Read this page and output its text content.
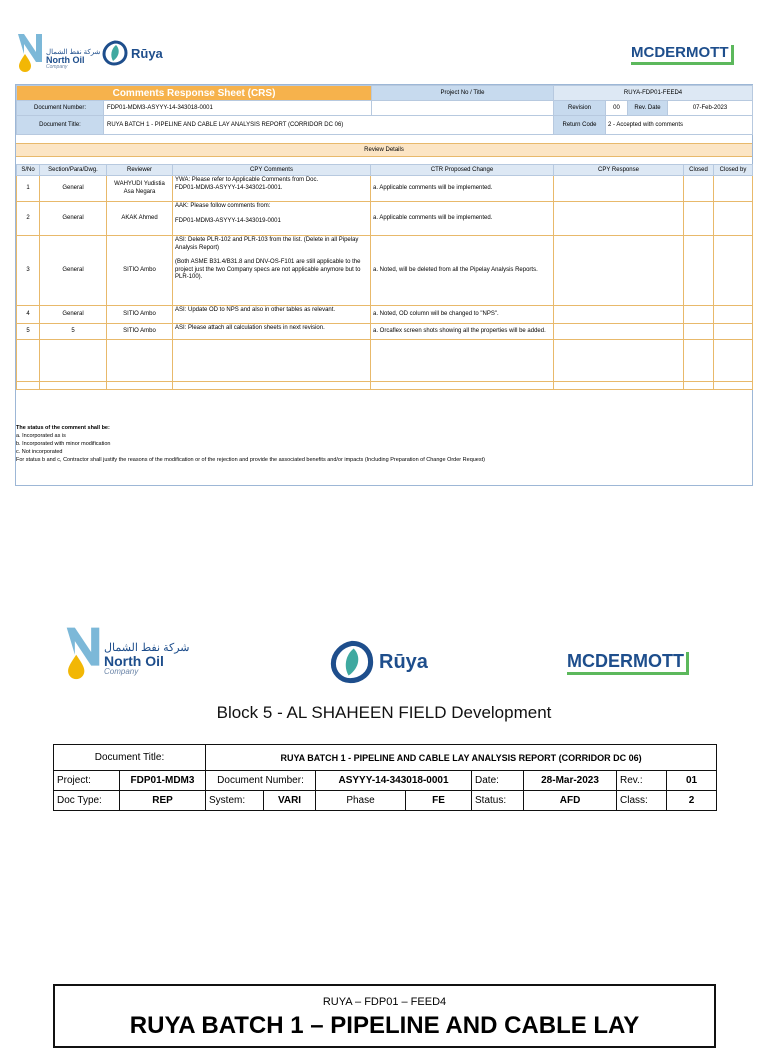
شركة نفط الشمال
North Oil
Company
Rūya	MCDERMOTT
Comments Response Sheet (CRS)	Project No / Title	RUYA-FDP01-FEED4			

Document Number: FDP01-MDM3-ASYYY-14-343018-0001		Revision	00	Rev. Date	07-Feb-2023

Document Title: RUYA BATCH 1 - PIPELINE AND CABLE LAY ANALYSIS REPORT (CORRIDOR DC 06)		Return Code	2 - Accepted with comments		
Review Details
S/No	Section/Para/Dwg.	Reviewer	CPY Comments	CTR Proposed Change	CPY Response	Closed	Closed by
1	General	WAHYUDI Yudistia Asa Negara	YWA: Please refer to Applicable Comments from Doc.
FDP01-MDM3-ASYYY-14-343021-0001.	a. Applicable comments will be implemented.			
2	General	AKAK Ahmed	AAK: Please follow comments from:
FDP01-MDM3-ASYYY-14-343019-0001	a. Applicable comments will be implemented.			
3	General	SITIO Ambo	ASI: Delete PLR-102 and PLR-103 from the list. (Delete in all Pipelay Analysis Report)
(Both ASME B31.4/B31.8 and DNV-OS-F101 are still applicable to the project just the two Company specs are not applicable anymore but to PLR-100).	a. Noted, will be deleted from all the Pipelay Analysis Reports.			
4	General	SITIO Ambo	ASI: Update OD to NPS and also in other tables as relevant.	a. Noted, OD column will be changed to "NPS".			
5	5	SITIO Ambo	ASI: Please attach all calculation sheets in next revision.	a. Orcaflex screen shots showing all the properties will be added.			

The status of the comment shall be:
a. Incorporated as is
b. Incorporated with minor modification
c. Not incorporated
For status b and c, Contractor shall justify the reasons of the modification or of the rejection and provide the associated benefits and/or impacts (Including Preparation of Change Order Request)
شركة نفط الشمال
North Oil
Company	Rūya	MCDERMOTT
Block 5 - AL SHAHEEN FIELD Development
Document Title:		RUYA BATCH 1 - PIPELINE AND CABLE LAY ANALYSIS REPORT (CORRIDOR DC 06)							
Project:	FDP01-MDM3	Document Number:		ASYYY-14-343018-0001		Date:	28-Mar-2023	Rev.:	01
Doc Type:	REP	System:	VARI	Phase	FE	Status:	AFD	Class:	2
RUYA – FDP01 – FEED4
RUYA BATCH 1 – PIPELINE AND CABLE LAY
